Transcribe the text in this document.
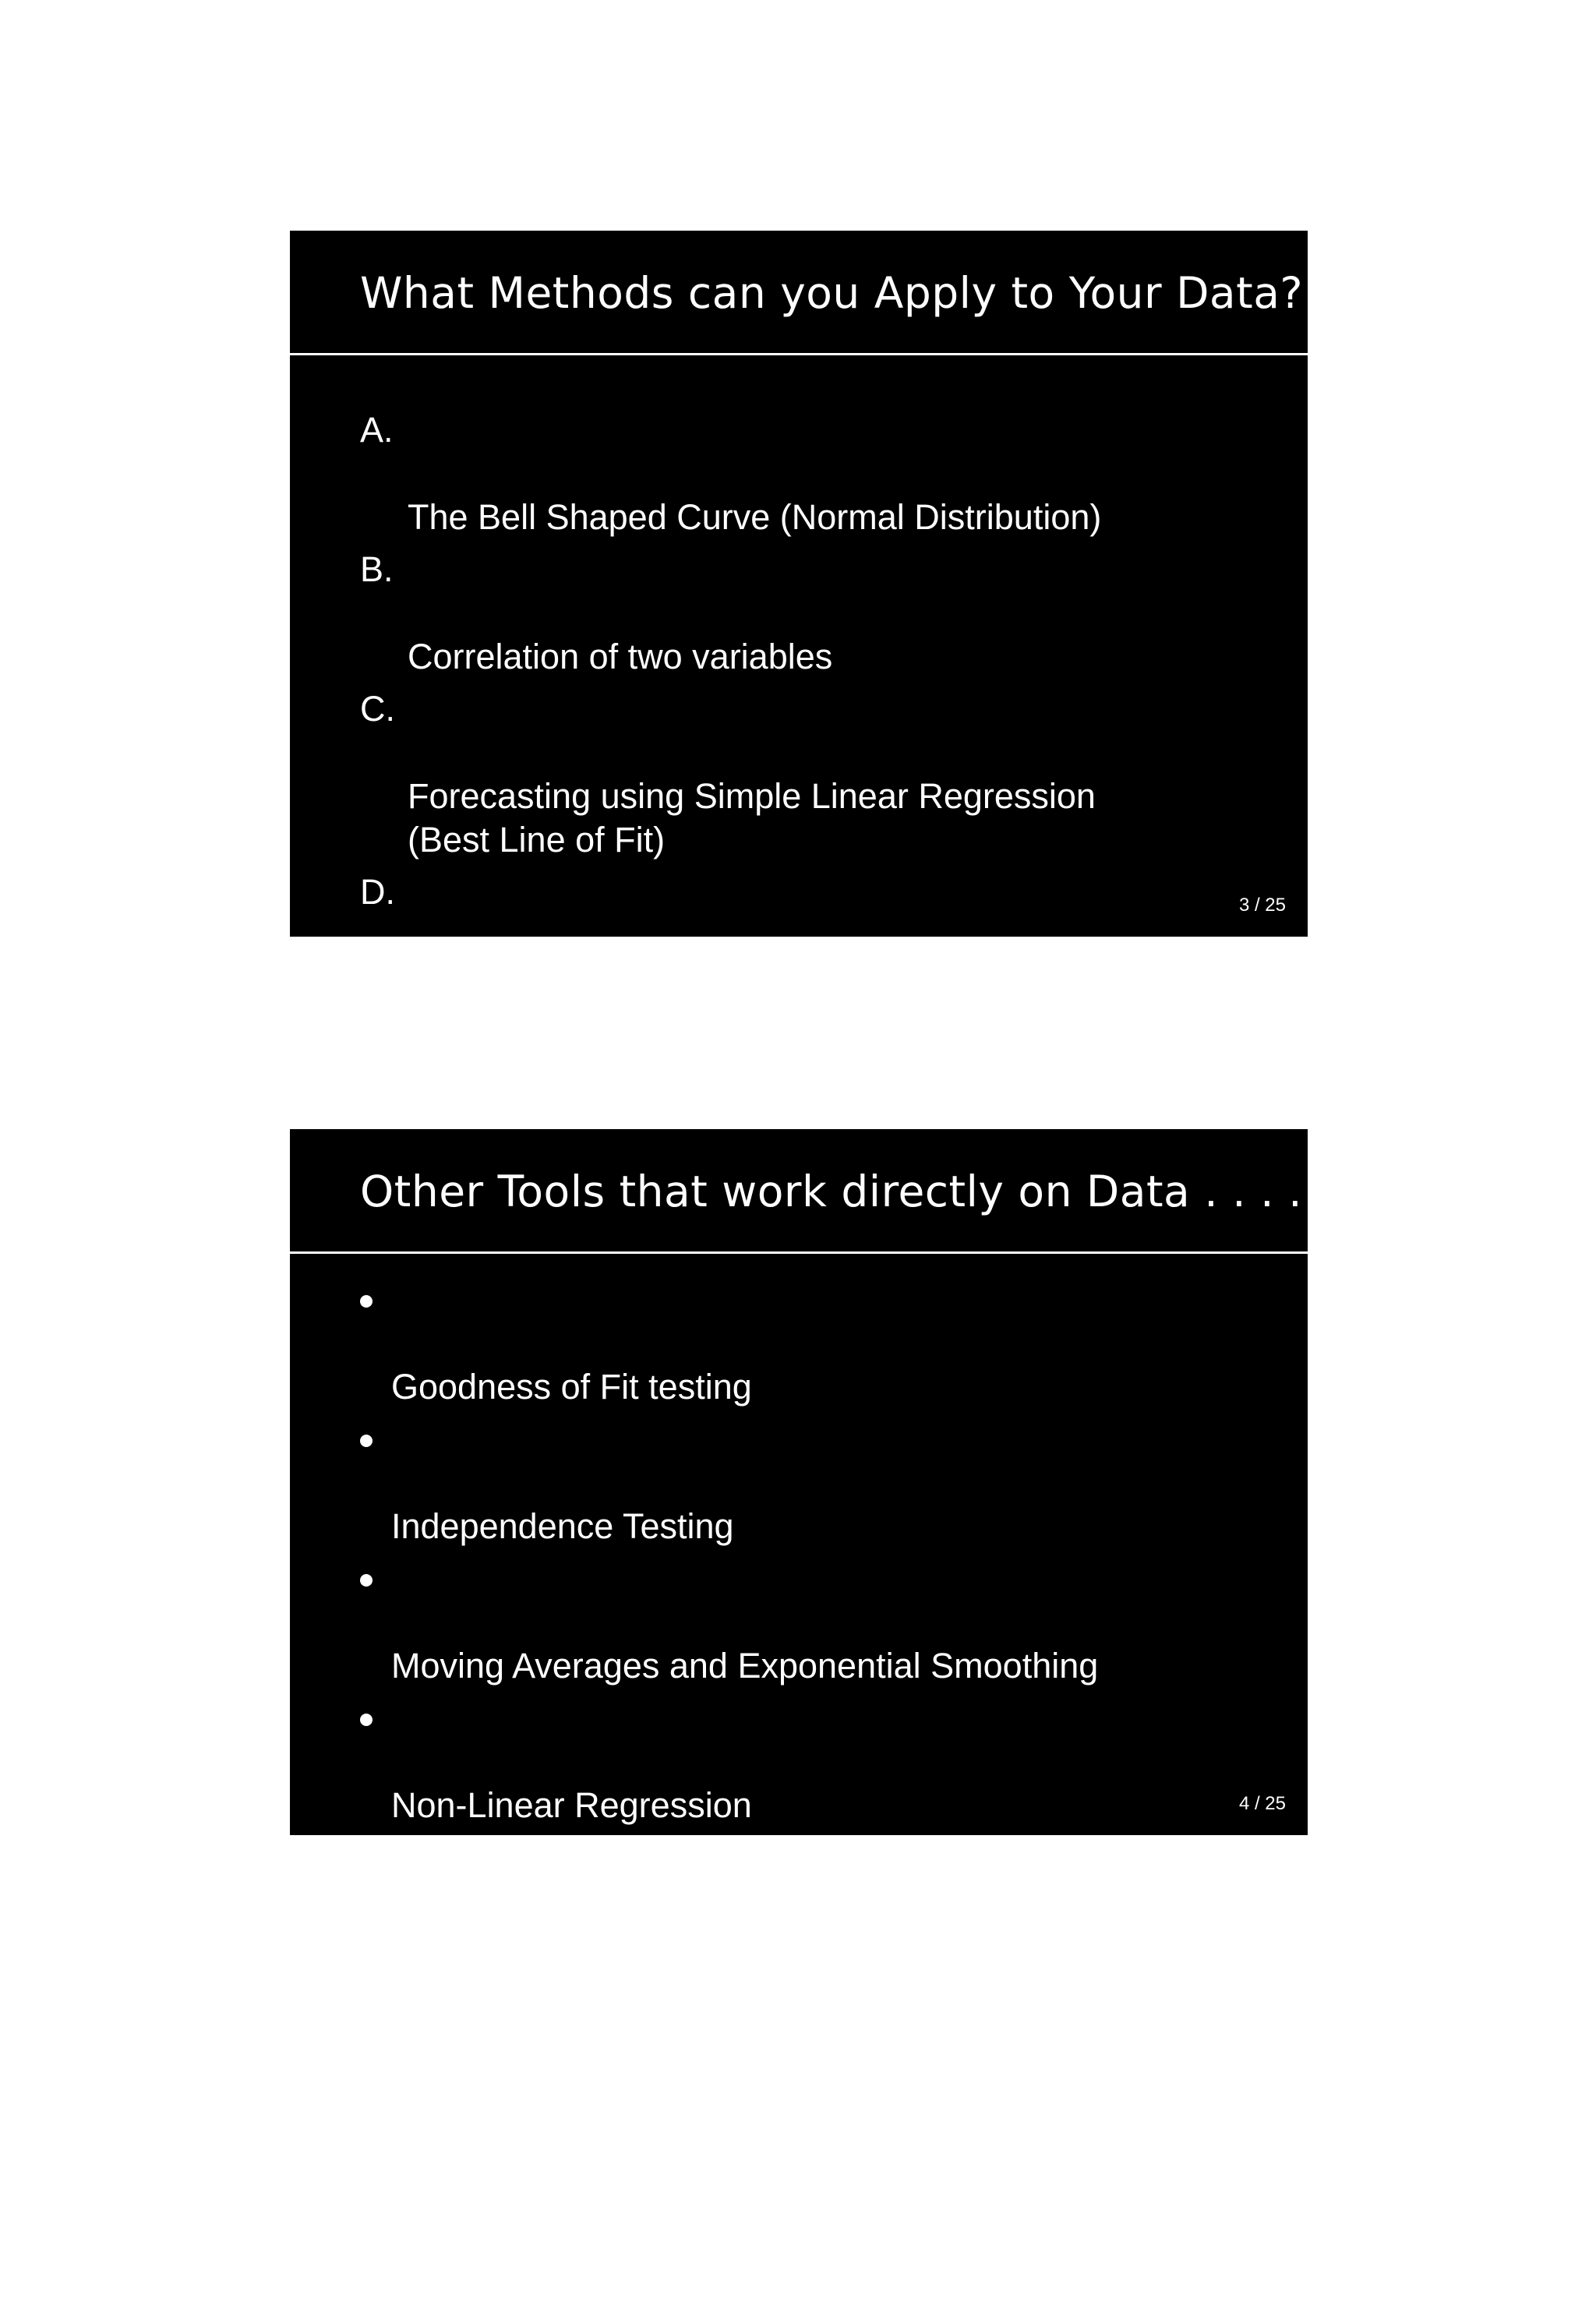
What Methods can you Apply to Your Data?

A.

The Bell Shaped Curve (Normal Distribution)

B.

Correlation of two variables

C.

Forecasting using Simple Linear Regression
(Best Line of Fit)

D.

Statistical Process Control

3 / 25
Other Tools that work directly on Data . . . .

Goodness of Fit testing

Independence Testing

Moving Averages and Exponential Smoothing

Non-Linear Regression
(polynomial, exponential, logarithmic)

Weighted Index Scoring

Excel: The Pivot Table

Excel: Conditional Formatting

4 / 25
